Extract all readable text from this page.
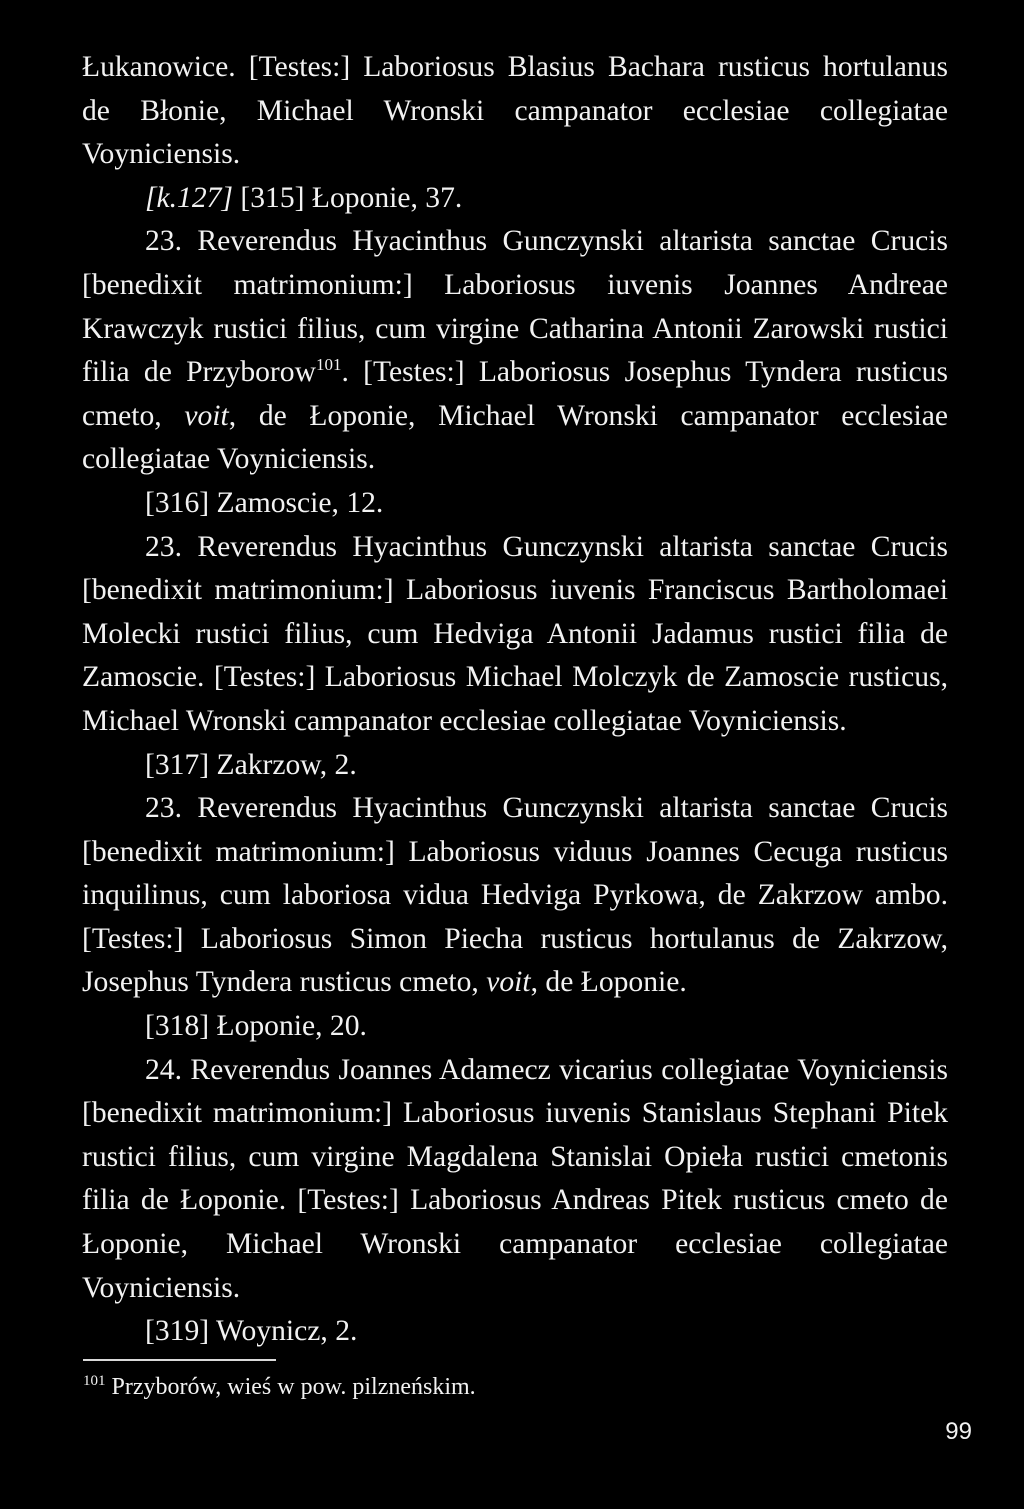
Łukanowice. [Testes:] Laboriosus Blasius Bachara rusticus hortulanus de Błonie, Michael Wronski campanator ecclesiae collegiatae Voyniciensis.

[k.127] [315] Łoponie, 37.

23. Reverendus Hyacinthus Gunczynski altarista sanctae Crucis [benedixit matrimonium:] Laboriosus iuvenis Joannes Andreae Krawczyk rustici filius, cum virgine Catharina Antonii Zarowski rustici filia de Przyborow$^{101}$. [Testes:] Laboriosus Josephus Tyndera rusticus cmeto, voit, de Łoponie, Michael Wronski campanator ecclesiae collegiatae Voyniciensis.

[316] Zamoscie, 12.

23. Reverendus Hyacinthus Gunczynski altarista sanctae Crucis [benedixit matrimonium:] Laboriosus iuvenis Franciscus Bartholomaei Molecki rustici filius, cum Hedviga Antonii Jadamus rustici filia de Zamoscie. [Testes:] Laboriosus Michael Molczyk de Zamoscie rusticus, Michael Wronski campanator ecclesiae collegiatae Voyniciensis.

[317] Zakrzow, 2.

23. Reverendus Hyacinthus Gunczynski altarista sanctae Crucis [benedixit matrimonium:] Laboriosus viduus Joannes Cecuga rusticus inquilinus, cum laboriosa vidua Hedviga Pyrkowa, de Zakrzow ambo. [Testes:] Laboriosus Simon Piecha rusticus hortulanus de Zakrzow, Josephus Tyndera rusticus cmeto, voit, de Łoponie.

[318] Łoponie, 20.

24. Reverendus Joannes Adamecz vicarius collegiatae Voyniciensis [benedixit matrimonium:] Laboriosus iuvenis Stanislaus Stephani Pitek rustici filius, cum virgine Magdalena Stanislai Opieła rustici cmetonis filia de Łoponie. [Testes:] Laboriosus Andreas Pitek rusticus cmeto de Łoponie, Michael Wronski campanator ecclesiae collegiatae Voyniciensis.

[319] Woynicz, 2.

$^{101}$ Przyborów, wieś w pow. pilzneńskim.
99
